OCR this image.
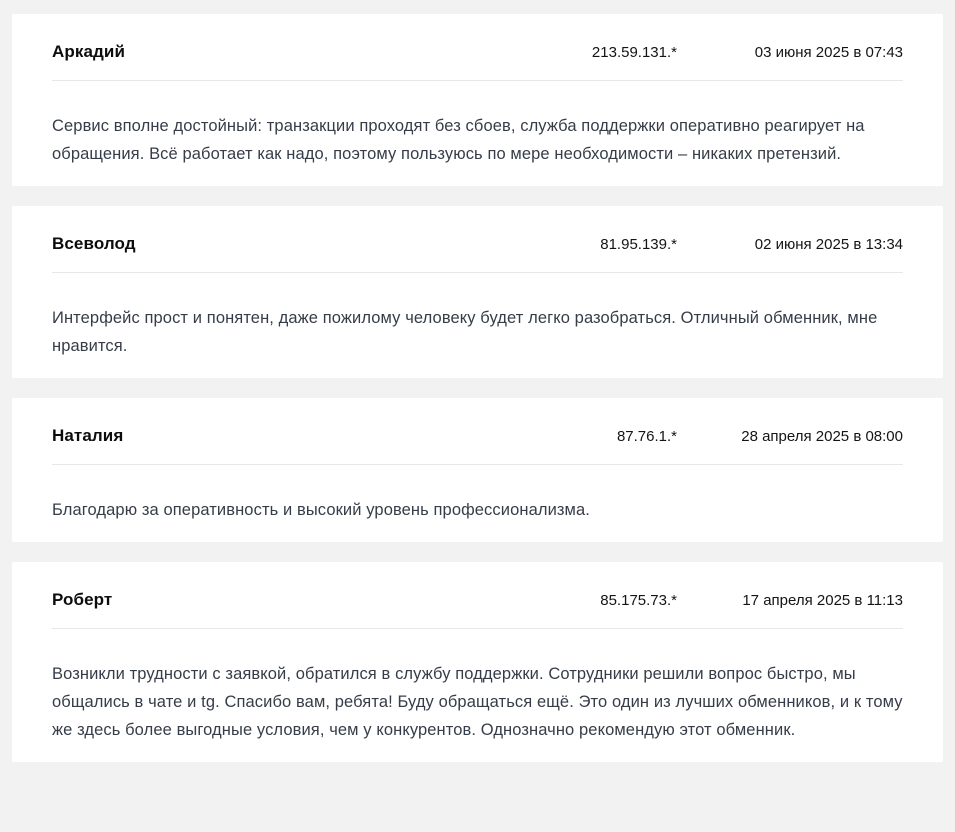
Аркадий	213.59.131.*	03 июня 2025 в 07:43

Сервис вполне достойный: транзакции проходят без сбоев, служба поддержки оперативно реагирует на обращения. Всё работает как надо, поэтому пользуюсь по мере необходимости – никаких претензий.

Всеволод	81.95.139.*	02 июня 2025 в 13:34

Интерфейс прост и понятен, даже пожилому человеку будет легко разобраться. Отличный обменник, мне нравится.

Наталия	87.76.1.*	28 апреля 2025 в 08:00

Благодарю за оперативность и высокий уровень профессионализма.

Роберт	85.175.73.*	17 апреля 2025 в 11:13

Возникли трудности с заявкой, обратился в службу поддержки. Сотрудники решили вопрос быстро, мы общались в чате и tg. Спасибо вам, ребята! Буду обращаться ещё. Это один из лучших обменников, и к тому же здесь более выгодные условия, чем у конкурентов. Однозначно рекомендую этот обменник.
